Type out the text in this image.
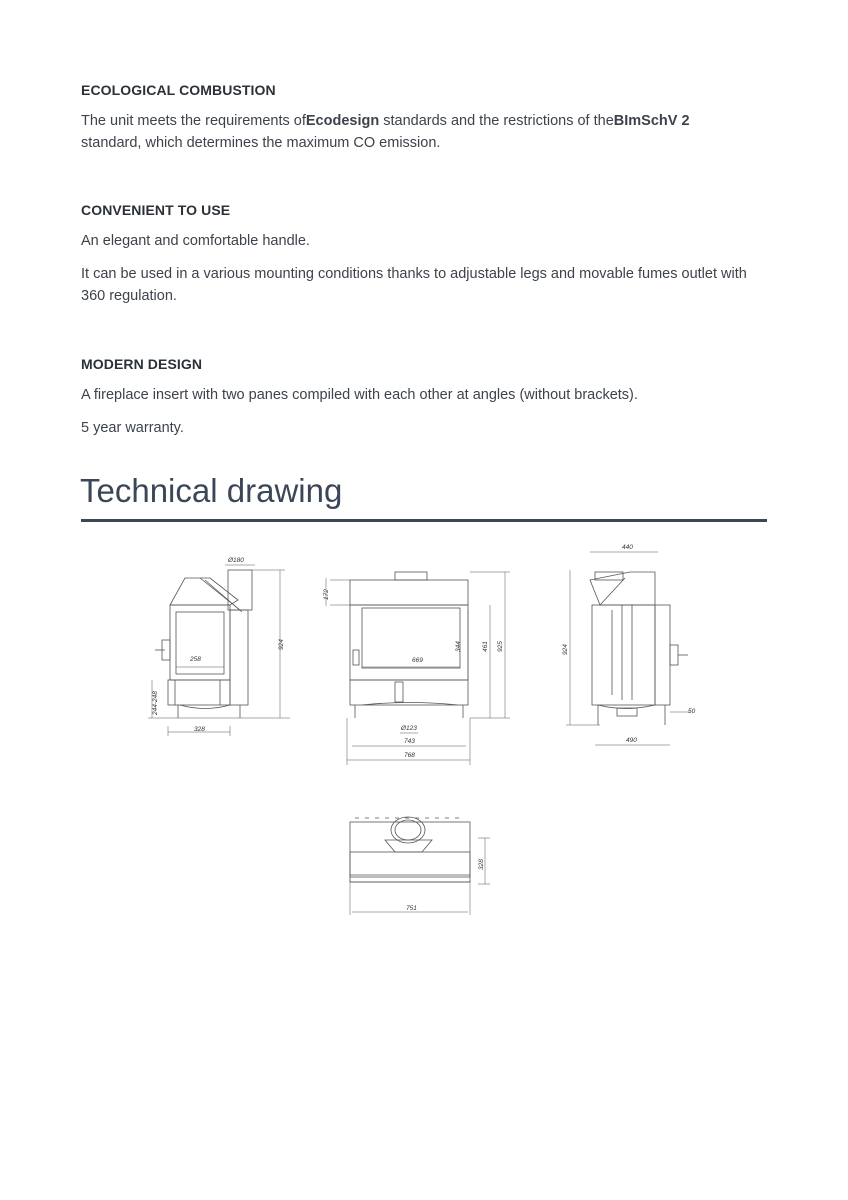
ECOLOGICAL COMBUSTION

The unit meets the requirements ofEcodesign standards and the restrictions of theBImSchV 2
standard, which determines the maximum CO emission.

CONVENIENT TO USE

An elegant and comfortable handle.

It can be used in a various mounting conditions thanks to adjustable legs and movable fumes outlet with 360 regulation.

MODERN DESIGN

A fireplace insert with two panes compiled with each other at angles (without brackets).

5 year warranty.

Technical drawing
Ø180
924
258
328
244-248
172
669
344	461 925
Ø123
743
768
440
924
490
50
328
751
